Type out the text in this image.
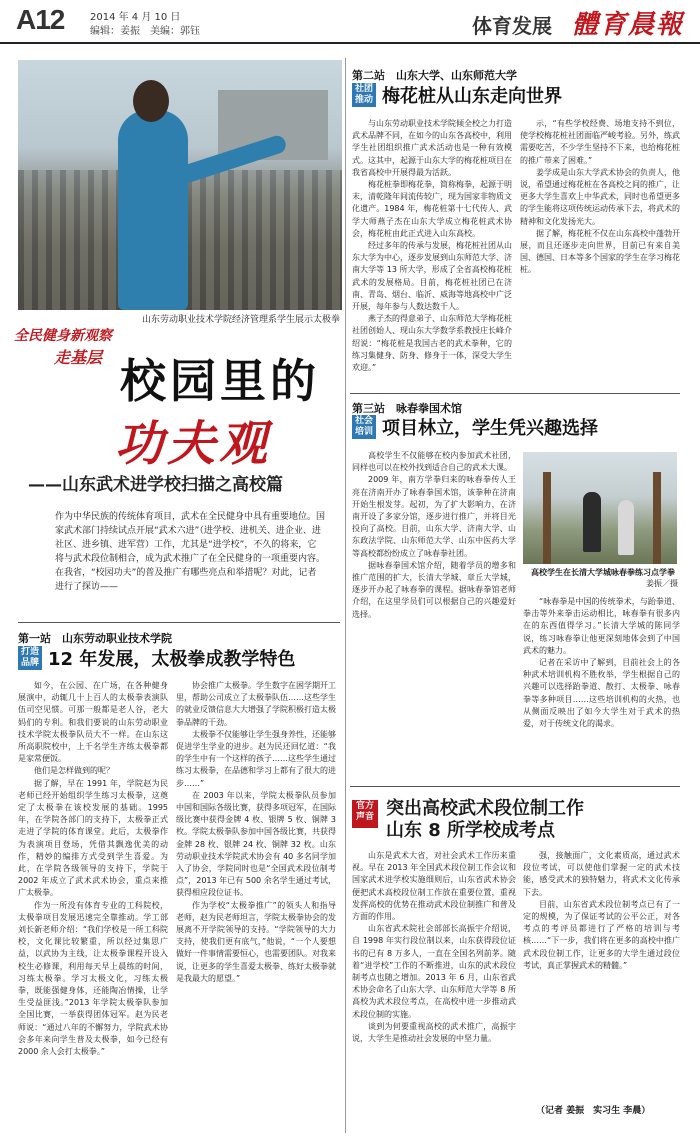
A12	2014 年 4 月 10 日
编辑：姜振　美编：郭钰	体育发展 體育晨報
山东劳动职业技术学院经济管理系学生展示太极拳
全民健身新观察
走基层 校园里的
功夫观
——山东武术进学校扫描之高校篇
作为中华民族的传统体育项目，武术在全民健身中具有重要地位。国家武术部门持续试点开展“武术六进”（进学校、进机关、进企业、进社区、进乡镇、进军营）工作，尤其是“进学校”，不久的将来，它将与武术段位制相合，成为武术推广了在全民健身的一项重要内容。在我省，“校园功夫”的普及推广有哪些亮点和举措呢？对此，记者进行了探访——
第一站　山东劳动职业技术学院
打造品牌 12 年发展，太极拳成教学特色

如今，在公园、在广场，在各种健身展演中，动辄几十上百人的太极拳表演队伍司空见惯。可那一般都是老人谷，老大妈们的专利。和我们要说的山东劳动职业技术学院太极拳队员大不一样。在山东这所高职院校中，上千名学生齐练太极拳都是家常便饭。

他们是怎样做到的呢？

据了解，早在 1991 年，学院赵为民老师已经开始组织学生练习太极拳，这奠定了太极拳在该校发展的基础。1995 年，在学院各部门的支持下，太极拳正式走进了学院的体育课堂。此后，太极拳作为表演项目登场，凭借其飘逸优美的动作，精妙的编排方式受到学生喜爱。为此，在学院各级领导的支持下，学院于 2002 年成立了武术武术协会，重点来推广太极拳。

作为一所没有体育专业的工科院校，太极拳项目发展迅速完全靠推动。学工部刘长新老师介绍：“我们学校是一所工科院校，文化课比较繁重，所以经过集思广益，以武协为主线，让太极拳课程开设入校生必修课，利用每天早上晨练的时间，习练太极拳。学习太极文化，习练太极拳，既能强健身体，还能陶冶情操，让学生受益匪浅。”2013 年学院太极拳队参加全国比赛，一举获得团体冠军。赵为民老师说：“通过八年的不懈努力，学院武术协会多年来向学生普及太极拳，如今已经有 2000 余人会打太极拳。”

协会推广太极拳。学生数字在困学期开工里，帮助公司成立了太极拳队伍……这些学生的就业反馈信息大大增强了学院积极打造太极拳品牌的干劲。

太极拳不仅能够让学生强身养性，还能够促进学生学业的进步。赵为民还回忆道：“我的学生中有一个这样的孩子……这些学生通过练习太极拳，在品德和学习上都有了很大的进步……”

在 2003 年以来，学院太极拳队员参加中国和国际各级比赛，获得多项冠军，在国际级比赛中获得金牌 4 枚、银牌 5 枚、铜牌 3 枚。学院太极拳队参加中国各级比赛，共获得金牌 28 枚、银牌 24 枚、铜牌 32 枚。山东劳动职业技术学院武术协会有 40 多名同学加入了协会，学院同时也是“全国武术段位制考点”，2013 年已有 500 余名学生通过考试，获得相应段位证书。

作为学校“太极拳推广”的领头人和指导老师，赵为民老师坦言，学院太极拳协会的发展离不开学院领导的支持。“学院领导的大力支持，使我们更有底气，”他说，“一个人要想做好一件事情需要恒心，也需要团队。对我来说，让更多的学生喜爱太极拳、练好太极拳就是我最大的愿望。”

第二站　山东大学、山东师范大学
社团推动 梅花桩从山东走向世界

与山东劳动职业技术学院倾全校之力打造武术品牌不同，在如今的山东各高校中，利用学生社团组织推广武术活动也是一种有效模式。这其中，起源于山东大学的梅花桩项目在我省高校中开展得最为活跃。

梅花桩拳即梅花拳，简称梅拳，起源于明末，清乾隆年间流传较广，现为国家非物质文化遗产。1984 年，梅花桩第十七代传人、武学大师燕子杰在山东大学成立梅花桩武术协会，梅花桩由此正式进入山东高校。

经过多年的传承与发展，梅花桩社团从山东大学为中心，逐步发展到山东师范大学、济南大学等 13 所大学，形成了全省高校梅花桩武术的发展格局。目前，梅花桩社团已在济南、青岛、烟台、临沂、威海等地高校中广泛开展，每年参与人数达数千人。

燕子杰的得意弟子、山东师范大学梅花桩社团创始人、现山东大学数学系教授庄长峰介绍说：“梅花桩是我国古老的武术拳种，它的练习集健身、防身、修身于一体，深受大学生欢迎。”

示，“有些学校经费、场地支持不到位，使学校梅花桩社团面临严峻考验。另外，练武需要吃苦，不少学生坚持不下来，也给梅花桩的推广带来了困难。”

姜学成是山东大学武术协会的负责人，他说，希望通过梅花桩在各高校之间的推广，让更多大学生喜欢上中华武术，同时也希望更多的学生能将这项传统运动传承下去，将武术的精神和文化发扬光大。

据了解，梅花桩不仅在山东高校中蓬勃开展，而且还逐步走向世界，目前已有来自美国、德国、日本等多个国家的学生在学习梅花桩。

第三站　咏春拳国术馆
社会培训 项目林立，学生凭兴趣选择

高校学生不仅能够在校内参加武术社团，同样也可以在校外找到适合自己的武术大课。

2009 年，南方学拳归来的咏春拳传人王亮在济南开办了咏春拳国术馆，该拳种在济南开始生根发芽。起初，为了扩大影响力，在济南开设了多家分馆，逐步进行推广，并将目光投向了高校。目前，山东大学、济南大学、山东政法学院、山东师范大学、山东中医药大学等高校都纷纷成立了咏春拳社团。

据咏春拳国术馆介绍，随着学员的增多和推广范围的扩大，长清大学城、章丘大学城，逐步开办起了咏春拳的课程。据咏春拳馆老师介绍，在这里学员们可以根据自己的兴趣爱好选择。

高校学生在长清大学城咏春拳练习点学拳
姜振／摄

“咏春拳是中国的传统拳术，与跆拳道、拳击等外来拳击运动相比，咏春拳有很多内在的东西值得学习。”长清大学城的陈同学说，练习咏春拳让他更深刻地体会到了中国武术的魅力。

记者在采访中了解到，目前社会上的各种武术培训机构不胜枚举，学生根据自己的兴趣可以选择跆拳道、散打、太极拳、咏春拳等多种项目……这些培训机构的火热，也从侧面反映出了如今大学生对于武术的热爱，对于传统文化的渴求。

官方声音 突出高校武术段位制工作
山东 8 所学校成考点

山东是武术大省，对社会武术工作历来重视。早在 2013 年全国武术段位制工作会议和国家武术进学校实施细则后，山东省武术协会便把武术高校段位制工作放在重要位置，重视发挥高校的优势在推动武术段位制推广和普及方面的作用。

山东省武术院社会部部长高振宇介绍说，自 1998 年实行段位制以来，山东获得段位证书的已有 8 万多人，一直在全国名列前茅。随着“进学校”工作的不断推进，山东的武术段位制考点也随之增加。2013 年 6 月，山东省武术协会命名了山东大学、山东师范大学等 8 所高校为武术段位考点，在高校中进一步推动武术段位制的实施。

谈到为何要重视高校的武术推广，高振宇说，大学生是推动社会发展的中坚力量。

强，接触面广，文化素质高，通过武术段位考试，可以使他们掌握一定的武术技能，感受武术的独特魅力，将武术文化传承下去。

目前，山东省武术段位制考点已有了一定的规模，为了保证考试的公平公正，对各考点的考评员都进行了严格的培训与考核……“下一步，我们将在更多的高校中推广武术段位制工作，让更多的大学生通过段位考试，真正掌握武术的精髓。”

（记者 姜振　实习生 李晨）
